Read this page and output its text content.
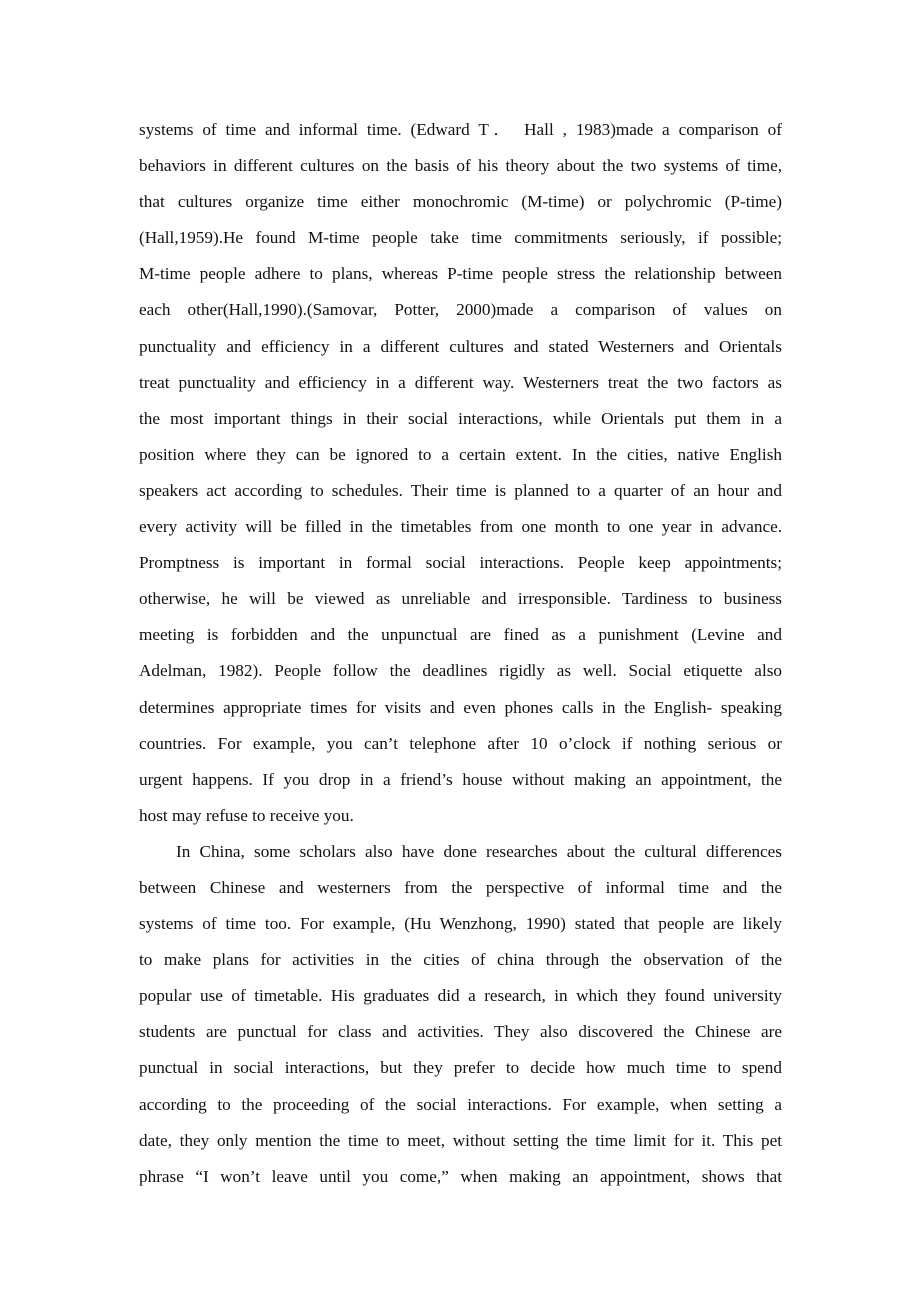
systems of time and informal time. (Edward T． Hall , 1983)made a comparison of
behaviors in different cultures on the basis of his theory about the two systems of time,
that cultures organize time either monochromic (M-time) or polychromic (P-time)
(Hall,1959).He found M-time people take time commitments seriously, if possible;
M-time people adhere to plans, whereas P-time people stress the relationship between
each other(Hall,1990).(Samovar, Potter, 2000)made a comparison of values on
punctuality and efficiency in a different cultures and stated Westerners and Orientals
treat punctuality and efficiency in a different way. Westerners treat the two factors as
the most important things in their social interactions, while Orientals put them in a
position where they can be ignored to a certain extent. In the cities, native English
speakers act according to schedules. Their time is planned to a quarter of an hour and
every activity will be filled in the timetables from one month to one year in advance.
Promptness is important in formal social interactions. People keep appointments;
otherwise, he will be viewed as unreliable and irresponsible. Tardiness to business
meeting is forbidden and the unpunctual are fined as a punishment (Levine and
Adelman, 1982). People follow the deadlines rigidly as well. Social etiquette also
determines appropriate times for visits and even phones calls in the English- speaking
countries. For example, you can’t telephone after 10 o’clock if nothing serious or
urgent happens. If you drop in a friend’s house without making an appointment, the
host may refuse to receive you.
In China, some scholars also have done researches about the cultural differences
between Chinese and westerners from the perspective of informal time and the
systems of time too. For example, (Hu Wenzhong, 1990) stated that people are likely
to make plans for activities in the cities of china through the observation of the
popular use of timetable. His graduates did a research, in which they found university
students are punctual for class and activities. They also discovered the Chinese are
punctual in social interactions, but they prefer to decide how much time to spend
according to the proceeding of the social interactions. For example, when setting a
date, they only mention the time to meet, without setting the time limit for it. This pet
phrase “I won’t leave until you come,” when making an appointment, shows that
